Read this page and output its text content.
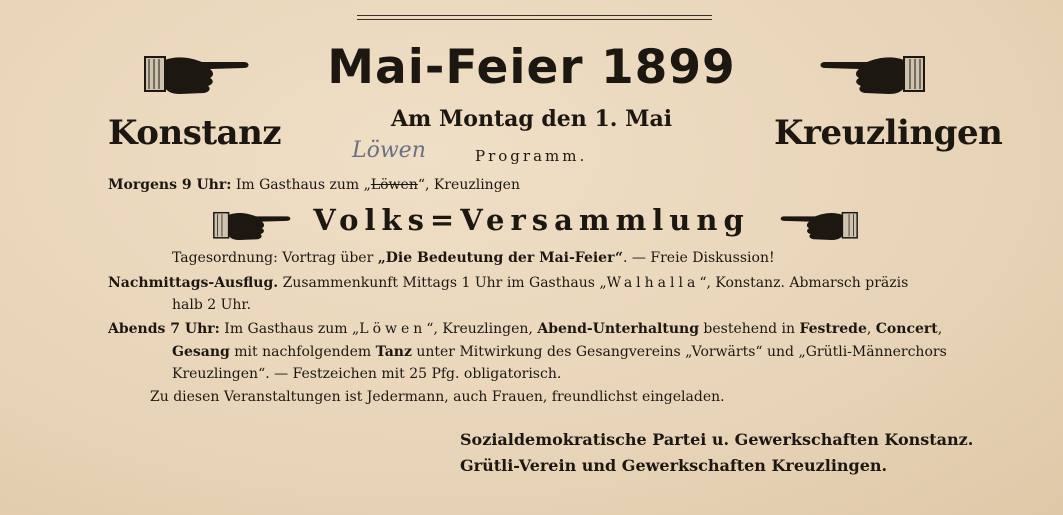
Mai-Feier 1899
Konstanz	Kreuzlingen
Am Montag den 1. Mai
Löwen	Programm.
Morgens 9 Uhr: Im Gasthaus zum „Löwen“, Kreuzlingen
Volks=Versammlung
Tagesordnung: Vortrag über „Die Bedeutung der Mai-Feier“. — Freie Diskussion!
Nachmittags-Ausflug. Zusammenkunft Mittags 1 Uhr im Gasthaus „Walhalla“, Konstanz. Abmarsch präzis
halb 2 Uhr.
Abends 7 Uhr: Im Gasthaus zum „Löwen“, Kreuzlingen, Abend-Unterhaltung bestehend in Festrede, Concert,
Gesang mit nachfolgendem Tanz unter Mitwirkung des Gesangvereins „Vorwärts“ und „Grütli-Männerchors
Kreuzlingen“. — Festzeichen mit 25 Pfg. obligatorisch.
Zu diesen Veranstaltungen ist Jedermann, auch Frauen, freundlichst eingeladen.
Sozialdemokratische Partei u. Gewerkschaften Konstanz.
Grütli-Verein und Gewerkschaften Kreuzlingen.
